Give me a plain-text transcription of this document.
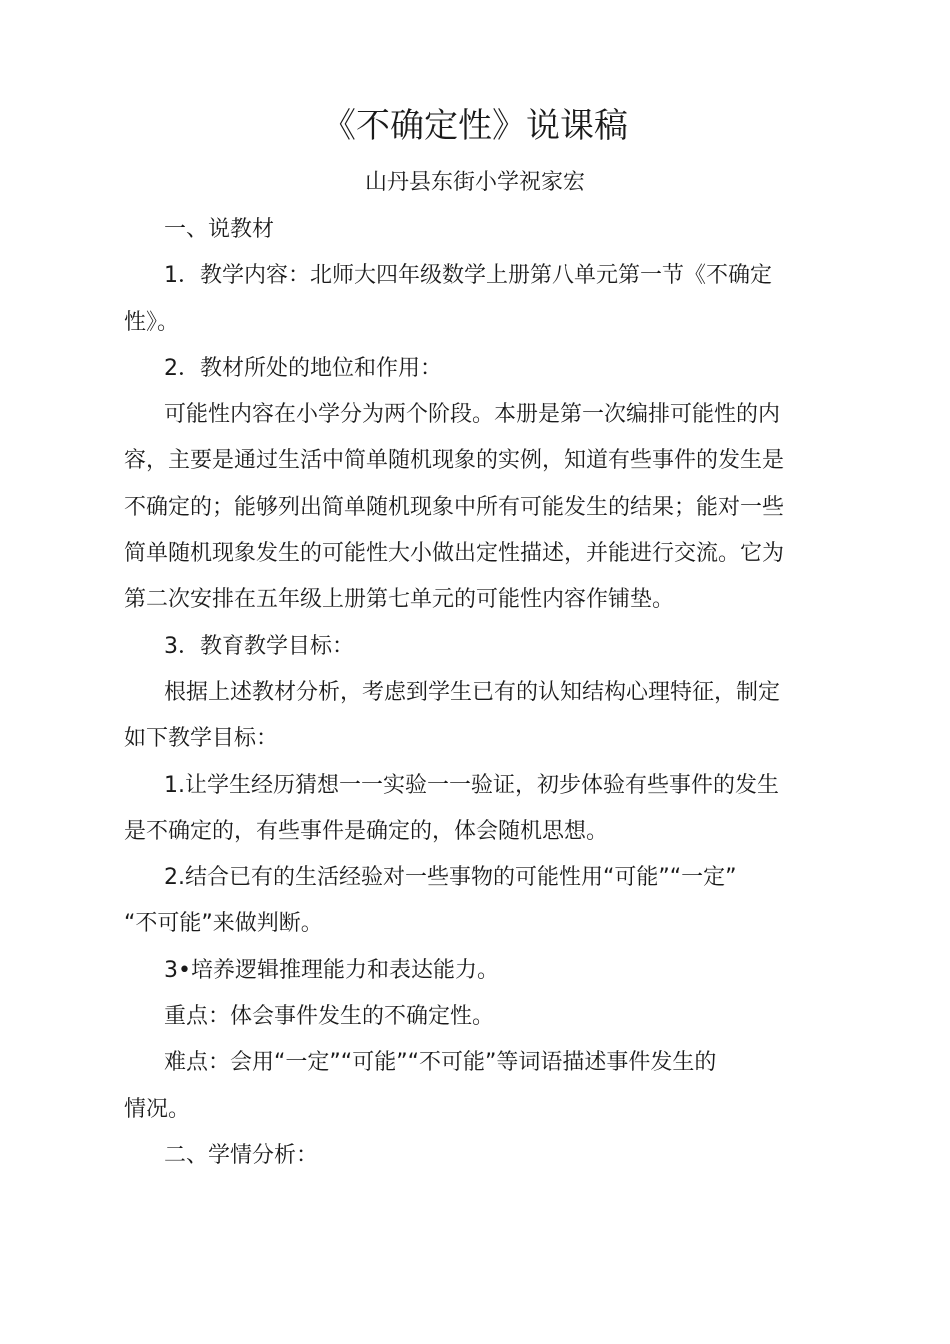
《不确定性》说课稿
山丹县东街小学祝家宏
一、说教材
1．教学内容：北师大四年级数学上册第八单元第一节《不确定
性》。
2．教材所处的地位和作用：
可能性内容在小学分为两个阶段。本册是第一次编排可能性的内
容，主要是通过生活中简单随机现象的实例，知道有些事件的发生是
不确定的；能够列出简单随机现象中所有可能发生的结果；能对一些
简单随机现象发生的可能性大小做出定性描述，并能进行交流。它为
第二次安排在五年级上册第七单元的可能性内容作铺垫。
3．教育教学目标：
根据上述教材分析，考虑到学生已有的认知结构心理特征，制定
如下教学目标：
1.让学生经历猜想一一实验一一验证，初步体验有些事件的发生
是不确定的，有些事件是确定的，体会随机思想。
2.结合已有的生活经验对一些事物的可能性用“可能”“一定”
“不可能”来做判断。
3•培养逻辑推理能力和表达能力。
重点：体会事件发生的不确定性。
难点：会用“一定”“可能”“不可能”等词语描述事件发生的
情况。
二、学情分析：
